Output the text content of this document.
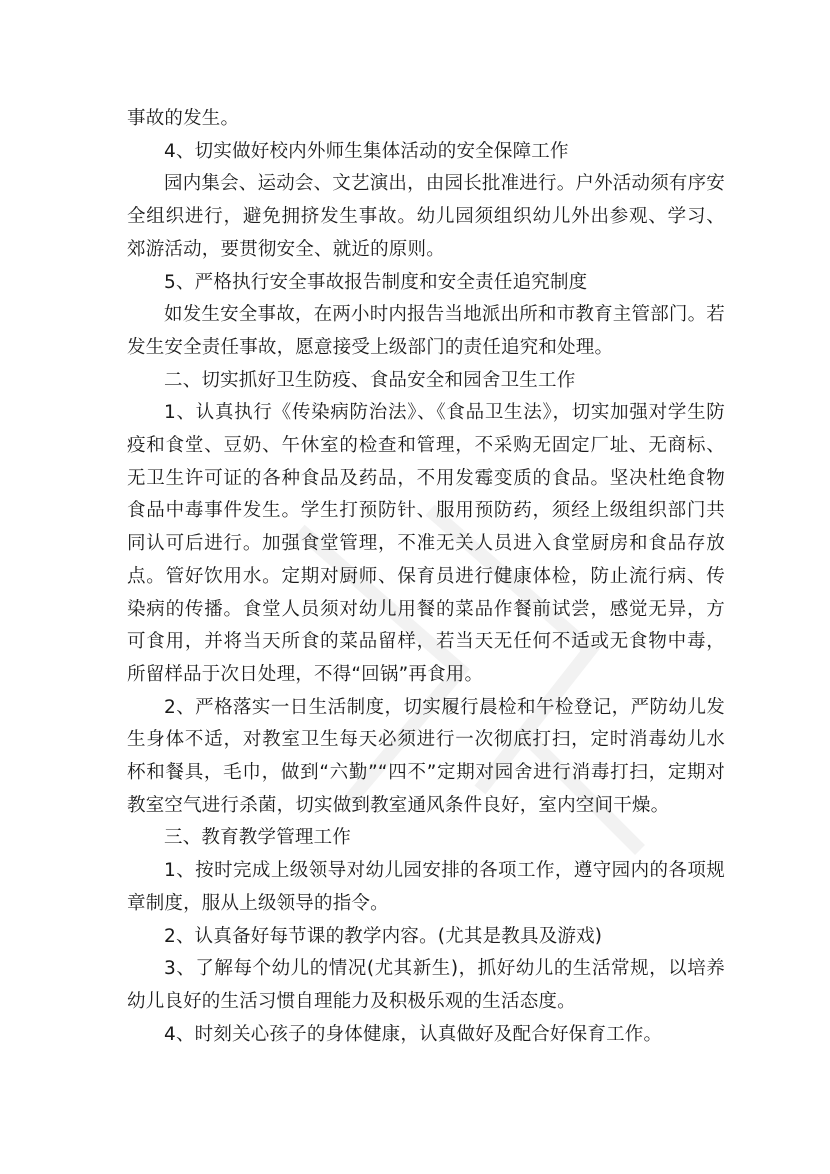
事故的发生。

4、切实做好校内外师生集体活动的安全保障工作

园内集会、运动会、文艺演出，由园长批准进行。户外活动须有序安全组织进行，避免拥挤发生事故。幼儿园须组织幼儿外出参观、学习、郊游活动，要贯彻安全、就近的原则。

5、严格执行安全事故报告制度和安全责任追究制度

如发生安全事故，在两小时内报告当地派出所和市教育主管部门。若发生安全责任事故，愿意接受上级部门的责任追究和处理。

二、切实抓好卫生防疫、食品安全和园舍卫生工作

1、认真执行《传染病防治法》、《食品卫生法》，切实加强对学生防疫和食堂、豆奶、午休室的检查和管理，不采购无固定厂址、无商标、无卫生许可证的各种食品及药品，不用发霉变质的食品。坚决杜绝食物食品中毒事件发生。学生打预防针、服用预防药，须经上级组织部门共同认可后进行。加强食堂管理，不准无关人员进入食堂厨房和食品存放点。管好饮用水。定期对厨师、保育员进行健康体检，防止流行病、传染病的传播。食堂人员须对幼儿用餐的菜品作餐前试尝，感觉无异，方可食用，并将当天所食的菜品留样，若当天无任何不适或无食物中毒，所留样品于次日处理，不得“回锅”再食用。

2、严格落实一日生活制度，切实履行晨检和午检登记，严防幼儿发生身体不适，对教室卫生每天必须进行一次彻底打扫，定时消毒幼儿水杯和餐具，毛巾，做到“六勤”“四不”定期对园舍进行消毒打扫，定期对教室空气进行杀菌，切实做到教室通风条件良好，室内空间干燥。

三、教育教学管理工作

1、按时完成上级领导对幼儿园安排的各项工作，遵守园内的各项规章制度，服从上级领导的指令。

2、认真备好每节课的教学内容。(尤其是教具及游戏)

3、了解每个幼儿的情况(尤其新生)，抓好幼儿的生活常规，以培养幼儿良好的生活习惯自理能力及积极乐观的生活态度。

4、时刻关心孩子的身体健康，认真做好及配合好保育工作。
